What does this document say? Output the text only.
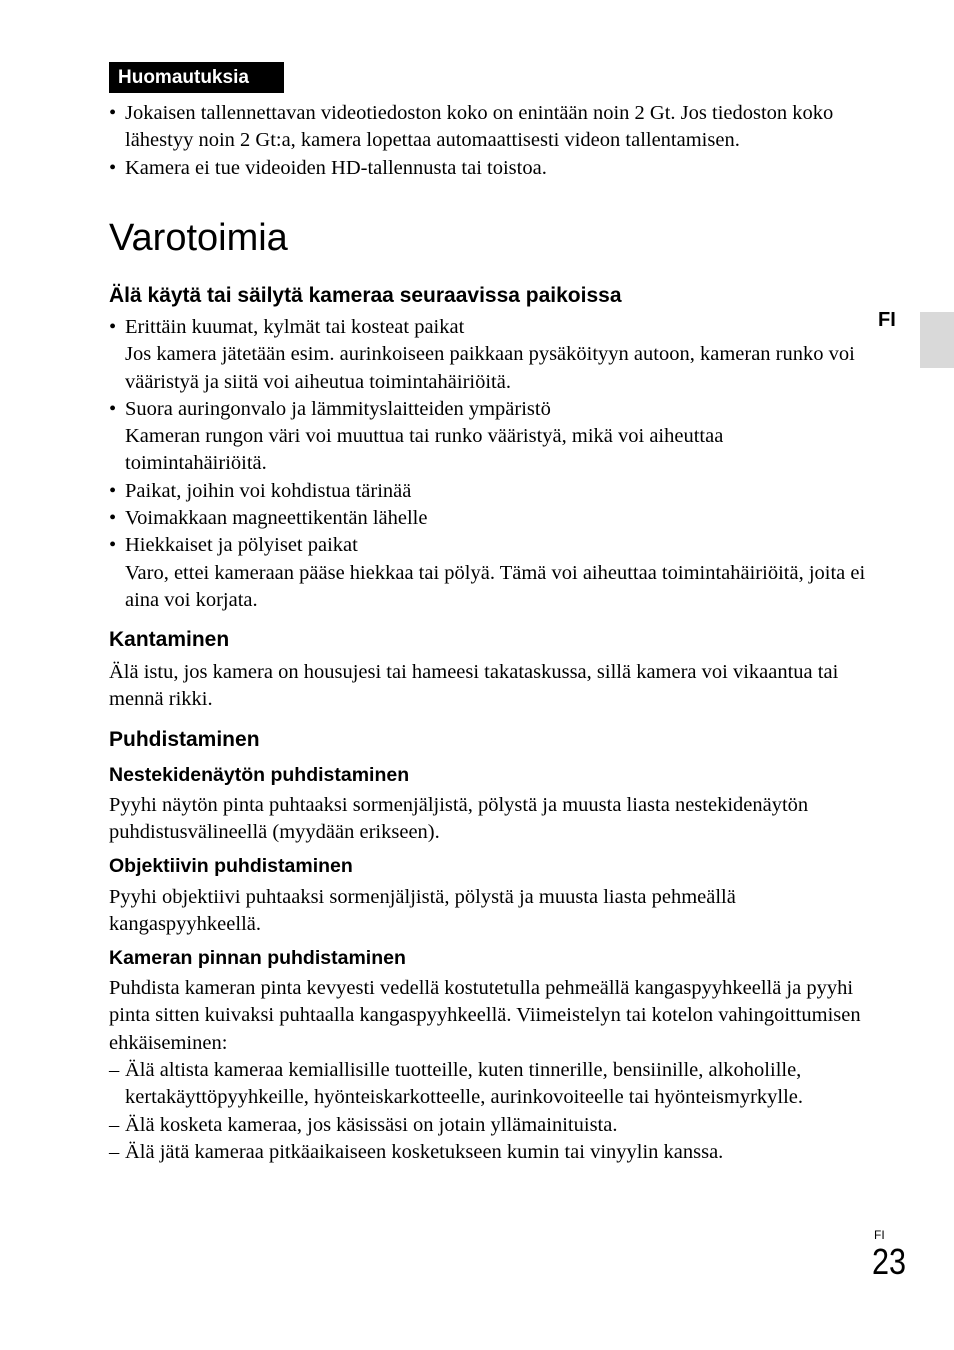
Huomautuksia
• Jokaisen tallennettavan videotiedoston koko on enintään noin 2 Gt. Jos tiedoston koko lähestyy noin 2 Gt:a, kamera lopettaa automaattisesti videon tallentamisen.
• Kamera ei tue videoiden HD-tallennusta tai toistoa.
Varotoimia
Älä käytä tai säilytä kameraa seuraavissa paikoissa
• Erittäin kuumat, kylmät tai kosteat paikat
Jos kamera jätetään esim. aurinkoiseen paikkaan pysäköityyn autoon, kameran runko voi vääristyä ja siitä voi aiheutua toimintahäiriöitä.
• Suora auringonvalo ja lämmityslaitteiden ympäristö
Kameran rungon väri voi muuttua tai runko vääristyä, mikä voi aiheuttaa toimintahäiriöitä.
• Paikat, joihin voi kohdistua tärinää
• Voimakkaan magneettikentän lähelle
• Hiekkaiset ja pölyiset paikat
Varo, ettei kameraan pääse hiekkaa tai pölyä. Tämä voi aiheuttaa toimintahäiriöitä, joita ei aina voi korjata.
Kantaminen

Älä istu, jos kamera on housujesi tai hameesi takataskussa, sillä kamera voi vikaantua tai mennä rikki.

Puhdistaminen
Nestekidenäytön puhdistaminen

Pyyhi näytön pinta puhtaaksi sormenjäljistä, pölystä ja muusta liasta nestekidenäytön puhdistusvälineellä (myydään erikseen).

Objektiivin puhdistaminen

Pyyhi objektiivi puhtaaksi sormenjäljistä, pölystä ja muusta liasta pehmeällä kangaspyyhkeellä.

Kameran pinnan puhdistaminen

Puhdista kameran pinta kevyesti vedellä kostutetulla pehmeällä kangaspyyhkeellä ja pyyhi pinta sitten kuivaksi puhtaalla kangaspyyhkeellä. Viimeistelyn tai kotelon vahingoittumisen ehkäiseminen:

– Älä altista kameraa kemiallisille tuotteille, kuten tinnerille, bensiinille, alkoholille, kertakäyttöpyyhkeille, hyönteiskarkotteelle, aurinkovoiteelle tai hyönteismyrkylle.
– Älä kosketa kameraa, jos käsissäsi on jotain yllämainituista.
– Älä jätä kameraa pitkäaikaiseen kosketukseen kumin tai vinyylin kanssa.
FI
FI
23
